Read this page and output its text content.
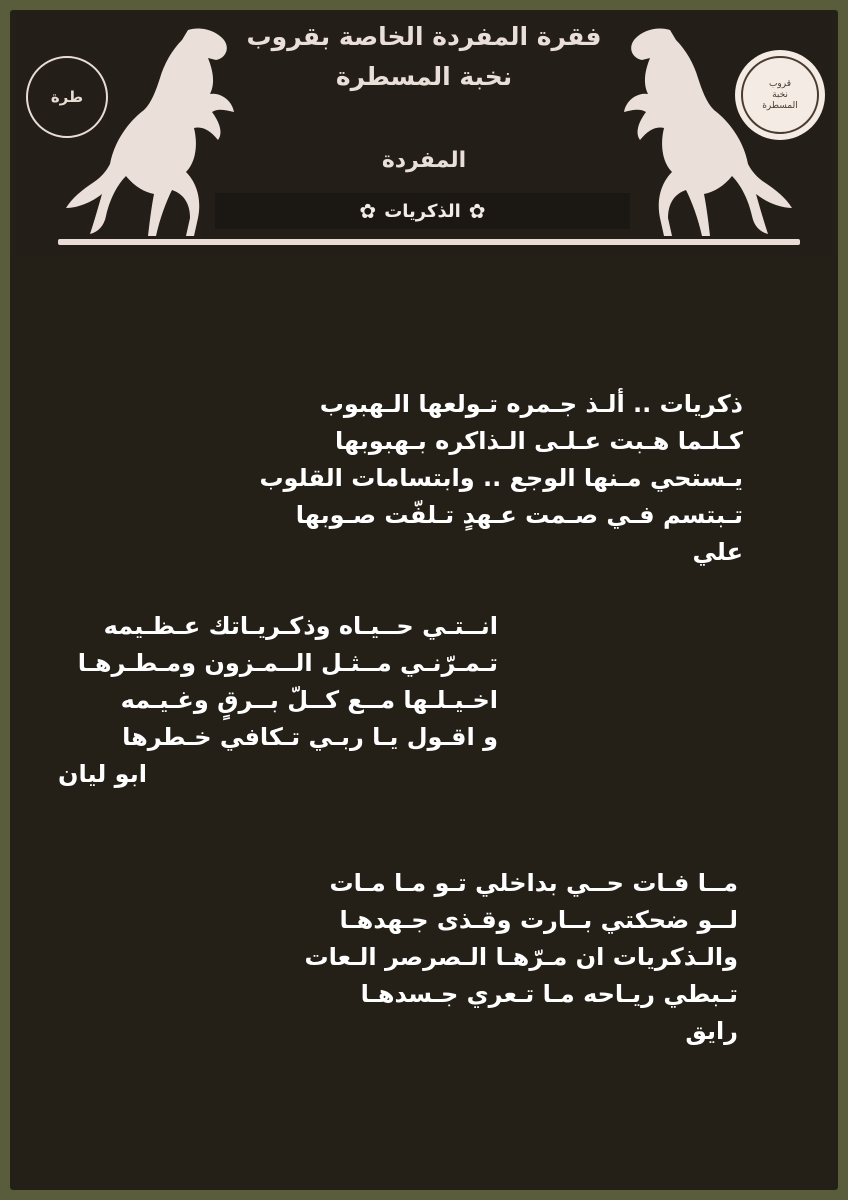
طرة
قروب
نخبة
المسطرة
فقرة المفردة الخاصة بقروب
نخبة المسطرة
المفردة
✿ الذكريات ✿
ذكريات .. ألـذ جـمره تـولعها الـهبوب
كـلـما هـبت عـلـى الـذاكره بـهبوبها
يـستحي مـنها الوجع .. وابتسامات القلوب
تـبتسم فـي صـمت عـهدٍ تـلفّت صـوبها
علي
انــتـي حــيـاه وذكـريـاتك عـظـيمه
تـمـرّنـي مــثـل الــمـزون ومـطـرهـا
اخـيـلـها مــع كــلّ بــرقٍ وغـيـمه
و اقـول يـا ربـي تـكافي خـطرها
ابو ليان
مــا فـات حــي بداخلي تـو مـا مـات
لــو ضحكتي بــارت وقـذى جـهدهـا
والـذكريات ان مـرّهـا الـصرصر الـعات
تـبطي ريـاحه مـا تـعري جـسدهـا
رايق
